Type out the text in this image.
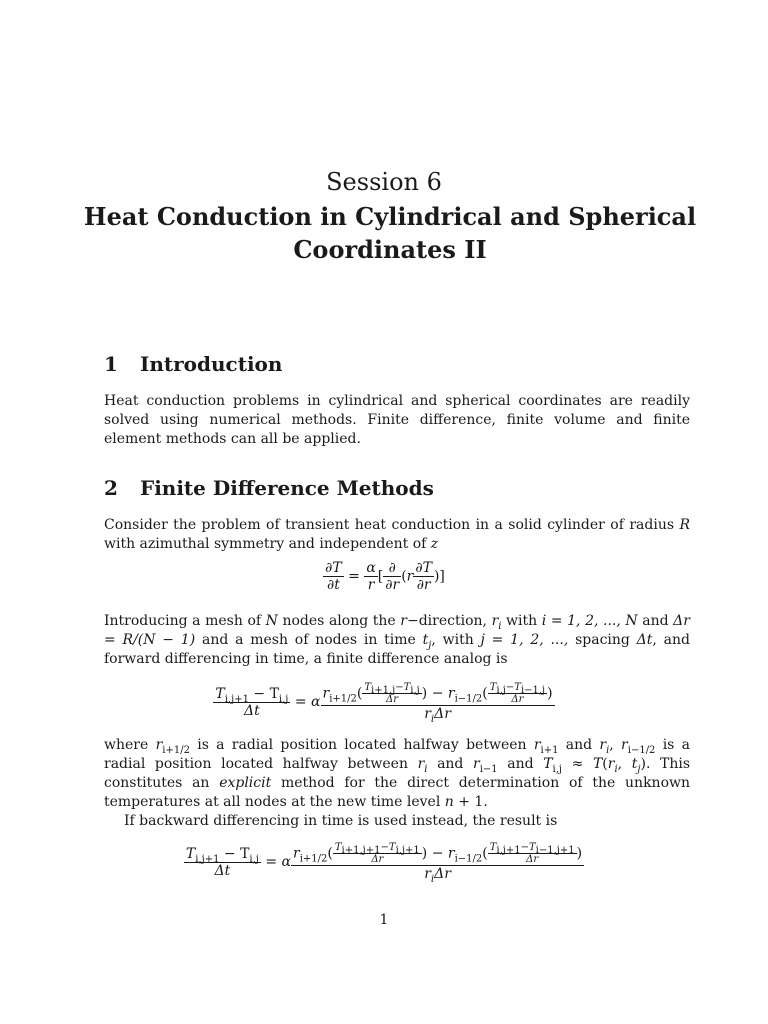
Session 6
Heat Conduction in Cylindrical and Spherical Coordinates II
1 Introduction

Heat conduction problems in cylindrical and spherical coordinates are readily solved using numerical methods. Finite difference, finite volume and finite element methods can all be applied.

2 Finite Difference Methods

Consider the problem of transient heat conduction in a solid cylinder of radius R with azimuthal symmetry and independent of z

$\frac{\partial T}{\partial t} = \frac{\alpha}{r}$ [ $\frac{\partial}{\partial r} (r \frac{\partial T}{\partial r}$ )]

Introducing a mesh of N nodes along the r−direction, $r_i$ with i = 1, 2, ..., N and Δr = R/(N − 1) and a mesh of nodes in time $t_j$, with j = 1, 2, ..., spacing Δt, and forward differencing in time, a finite difference analog is

$\frac{T_{i,j+1} - T_{i,j}}{\Delta t} = \alpha \frac{r_{i+1/2}( \frac{T_{i+1,j}-T_{i,j}}{\Delta r} ) - r_{i-1/2}( \frac{T_{i,j}-T_{i-1,j}}{\Delta r} )}{r_i\Delta r}$

where $r_{i+1/2}$ is a radial position located halfway between $r_{i+1}$ and $r_i$, $r_{i-1/2}$ is a radial position located halfway between $r_i$ and $r_{i-1}$ and $T_{i,j} \approx T(r_i$, $t_j$). This constitutes an explicit method for the direct determination of the unknown temperatures at all nodes at the new time level n + 1.

If backward differencing in time is used instead, the result is

$\frac{T_{i,j+1} - T_{i,j}}{\Delta t} = \alpha \frac{r_{i+1/2}( \frac{T_{i+1,j+1}-T_{i,j+1}}{\Delta r} ) - r_{i-1/2}( \frac{T_{i,j+1}-T_{i-1,j+1}}{\Delta r} )}{r_i\Delta r}$
1
